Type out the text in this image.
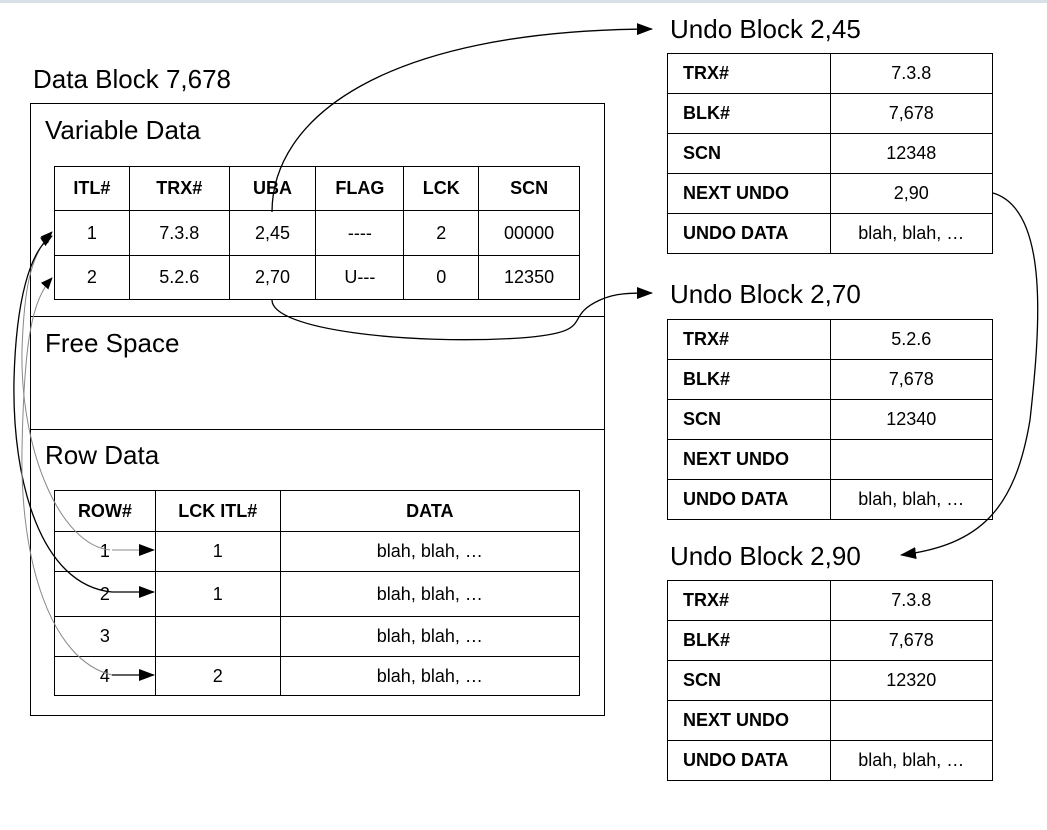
Data Block 7,678
Variable Data
Free Space
Row Data
ITL#	TRX#	UBA	FLAG	LCK	SCN
1	7.3.8	2,45	----	2	00000
2	5.2.6	2,70	U---	0	12350
ROW#	LCK ITL#	DATA
1	1	blah, blah, …
2	1	blah, blah, …
3		blah, blah, …
4	2	blah, blah, …
Undo Block 2,45
TRX#	7.3.8
BLK#	7,678
SCN	12348
NEXT UNDO	2,90
UNDO DATA	blah, blah, …
Undo Block 2,70
TRX#	5.2.6
BLK#	7,678
SCN	12340
NEXT UNDO	
UNDO DATA	blah, blah, …
Undo Block 2,90
TRX#	7.3.8
BLK#	7,678
SCN	12320
NEXT UNDO	
UNDO DATA	blah, blah, …
